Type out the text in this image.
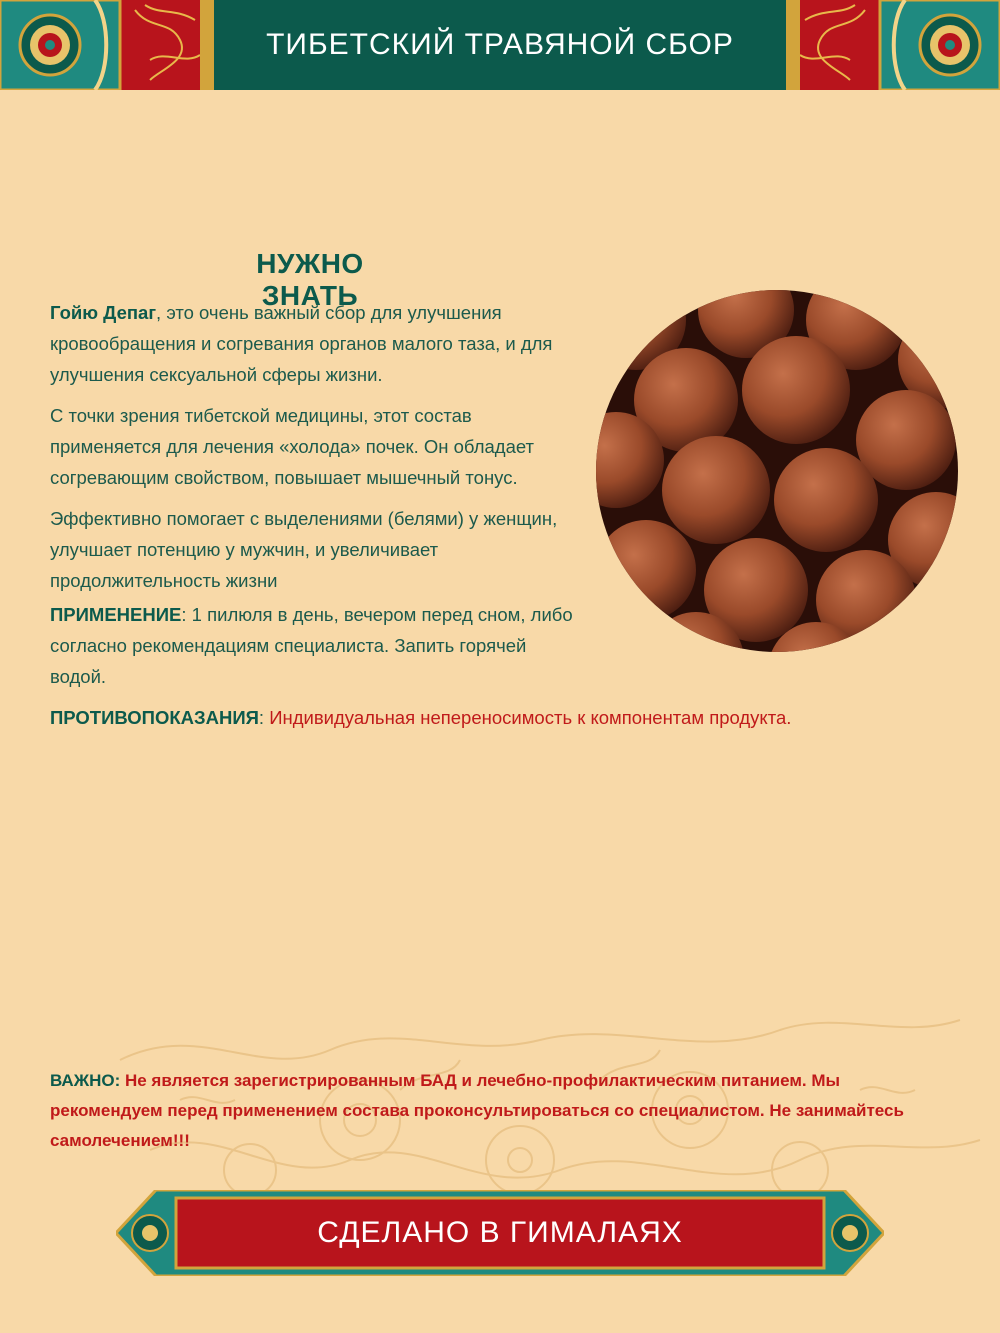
ТИБЕТСКИЙ ТРАВЯНОЙ СБОР
НУЖНО ЗНАТЬ

Гойю Депаг, это очень важный сбор для улучшения кровообращения и согревания органов малого таза, и для улучшения сексуальной сферы жизни.

С точки зрения тибетской медицины, этот состав применяется для лечения «холода» почек. Он обладает согревающим свойством, повышает мышечный тонус.

Эффективно помогает с выделениями (белями) у женщин, улучшает потенцию у мужчин, и увеличивает продолжительность жизни

ПРИМЕНЕНИЕ: 1 пилюля в день, вечером перед сном, либо согласно рекомендациям специалиста. Запить горячей водой.

ПРОТИВОПОКАЗАНИЯ: Индивидуальная непереносимость к компонентам продукта.

ВАЖНО: Не является зарегистрированным БАД и лечебно-профилактическим питанием. Мы рекомендуем перед применением состава проконсультироваться со специалистом. Не занимайтесь самолечением!!!

СДЕЛАНО В ГИМАЛАЯХ
